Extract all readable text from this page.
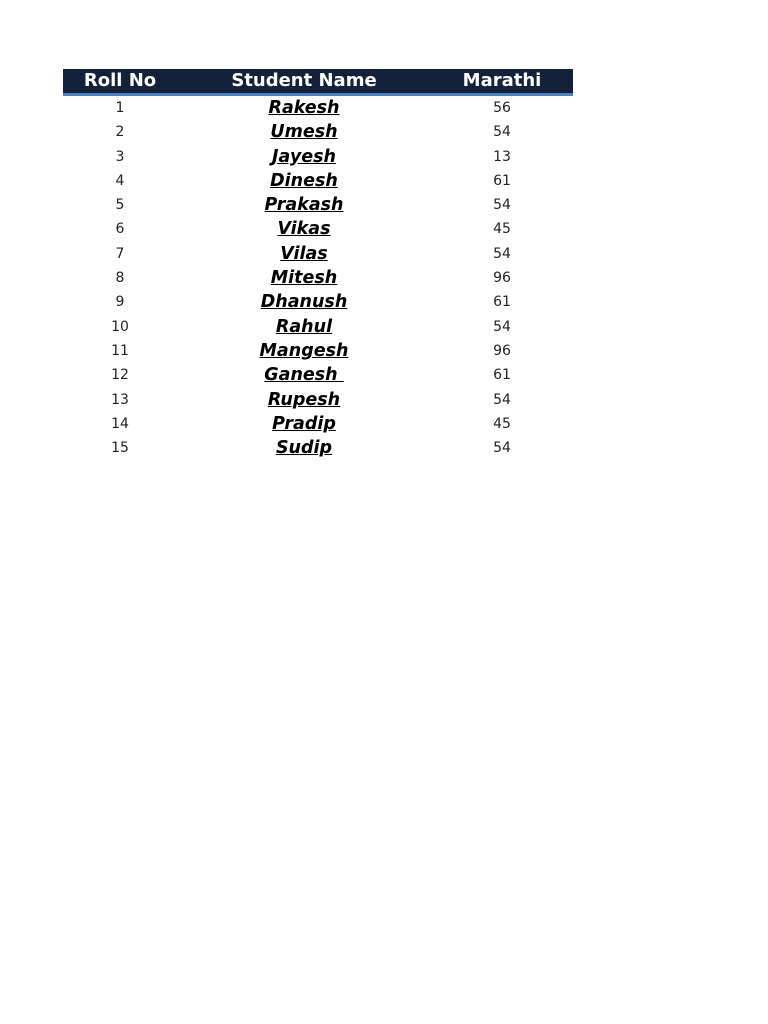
Roll No	Student Name	Marathi
1	Rakesh	56
2	Umesh	54
3	Jayesh	13
4	Dinesh	61
5	Prakash	54
6	Vikas	45
7	Vilas	54
8	Mitesh	96
9	Dhanush	61
10	Rahul	54
11	Mangesh	96
12	Ganesh	61
13	Rupesh	54
14	Pradip	45
15	Sudip	54
